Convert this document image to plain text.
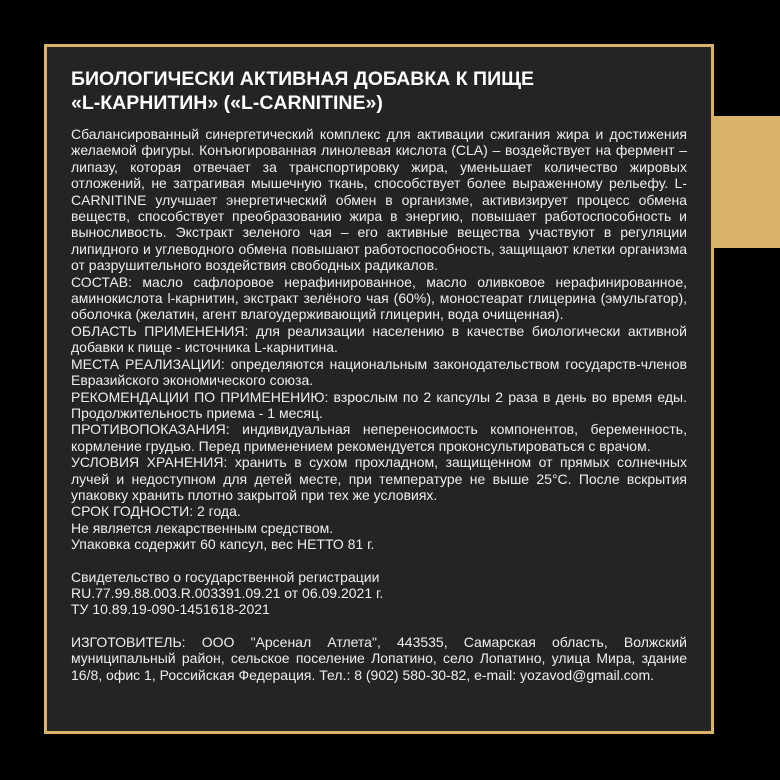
БИОЛОГИЧЕСКИ АКТИВНАЯ ДОБАВКА К ПИЩЕ
«L-КАРНИТИН» («L-CARNITINE»)

Сбалансированный синергетический комплекс для активации сжигания жира и достижения желаемой фигуры. Конъюгированная линолевая кислота (CLA) – воздействует на фермент – липазу, которая отвечает за транспортировку жира, уменьшает количество жировых отложений, не затрагивая мышечную ткань, способствует более выраженному рельефу. L-CARNITINE улучшает энергетический обмен в организме, активизирует процесс обмена веществ, способствует преобразованию жира в энергию, повышает работоспособность и выносливость. Экстракт зеленого чая – его активные вещества участвуют в регуляции липидного и углеводного обмена повышают работоспособность, защищают клетки организма от разрушительного воздействия свободных радикалов.

СОСТАВ: масло сафлоровое нерафинированное, масло оливковое нерафинированное, аминокислота l-карнитин, экстракт зелёного чая (60%), моностеарат глицерина (эмульгатор), оболочка (желатин, агент влагоудерживающий глицерин, вода очищенная).

ОБЛАСТЬ ПРИМЕНЕНИЯ: для реализации населению в качестве биологически активной добавки к пище - источника L-карнитина.

МЕСТА РЕАЛИЗАЦИИ: определяются национальным законодательством государств-членов Евразийского экономического союза.

РЕКОМЕНДАЦИИ ПО ПРИМЕНЕНИЮ: взрослым по 2 капсулы 2 раза в день во время еды. Продолжительность приема - 1 месяц.

ПРОТИВОПОКАЗАНИЯ: индивидуальная непереносимость компонентов, беременность, кормление грудью. Перед применением рекомендуется проконсультироваться с врачом.

УСЛОВИЯ ХРАНЕНИЯ: хранить в сухом прохладном, защищенном от прямых солнечных лучей и недоступном для детей месте, при температуре не выше 25°С. После вскрытия упаковку хранить плотно закрытой при тех же условиях.

СРОК ГОДНОСТИ: 2 года.

Не является лекарственным средством.

Упаковка содержит 60 капсул, вес НЕТТО 81 г.

Свидетельство о государственной регистрации

RU.77.99.88.003.R.003391.09.21 от 06.09.2021 г.

ТУ 10.89.19-090-1451618-2021

ИЗГОТОВИТЕЛЬ: ООО "Арсенал Атлета", 443535, Самарская область, Волжский муниципальный район, сельское поселение Лопатино, село Лопатино, улица Мира, здание 16/8, офис 1, Российская Федерация. Тел.: 8 (902) 580-30-82, e-mail: yozavod@gmail.com.
